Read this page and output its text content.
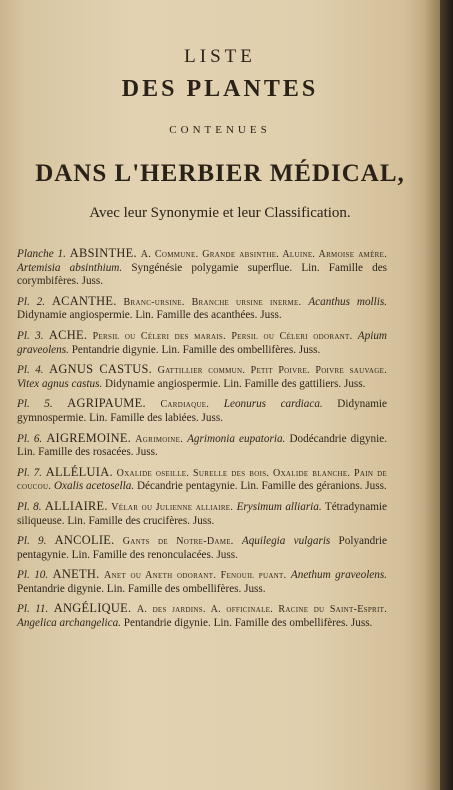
LISTE
DES PLANTES
CONTENUES
DANS L'HERBIER MÉDICAL,
Avec leur Synonymie et leur Classification.

Planche 1. ABSINTHE. A. Commune. Grande absinthe. Aluine. Armoise amère. Artemisia absinthium. Syngénésie polygamie superflue. Lin. Famille des corymbifères. Juss.

Pl. 2. ACANTHE. Branc-ursine. Branche ursine inerme. Acanthus mollis. Didynamie angiospermie. Lin. Famille des acanthées. Juss.

Pl. 3. ACHE. Persil ou Céleri des marais. Persil ou Céleri odorant. Apium graveolens. Pentandrie digynie. Lin. Famille des ombellifères. Juss.

Pl. 4. AGNUS CASTUS. Gattillier commun. Petit Poivre. Poivre sauvage. Vitex agnus castus. Didynamie angiospermie. Lin. Famille des gattiliers. Juss.

Pl. 5. AGRIPAUME. Cardiaque. Leonurus cardiaca. Didynamie gymnospermie. Lin. Famille des labiées. Juss.

Pl. 6. AIGREMOINE. Agrimoine. Agrimonia eupatoria. Dodécandrie digynie. Lin. Famille des rosacées. Juss.

Pl. 7. ALLÉLUIA. Oxalide oseille. Surelle des bois. Oxalide blanche. Pain de coucou. Oxalis acetosella. Décandrie pentagynie. Lin. Famille des géranions. Juss.

Pl. 8. ALLIAIRE. Vélar ou Julienne alliaire. Erysimum alliaria. Tétradynamie siliqueuse. Lin. Famille des crucifères. Juss.

Pl. 9. ANCOLIE. Gants de Notre-Dame. Aquilegia vulgaris Polyandrie pentagynie. Lin. Famille des renonculacées. Juss.

Pl. 10. ANETH. Anet ou Aneth odorant. Fenouil puant. Anethum graveolens. Pentandrie digynie. Lin. Famille des ombellifères. Juss.

Pl. 11. ANGÉLIQUE. A. des jardins. A. officinale. Racine du Saint-Esprit. Angelica archangelica. Pentandrie digynie. Lin. Famille des ombellifères. Juss.
